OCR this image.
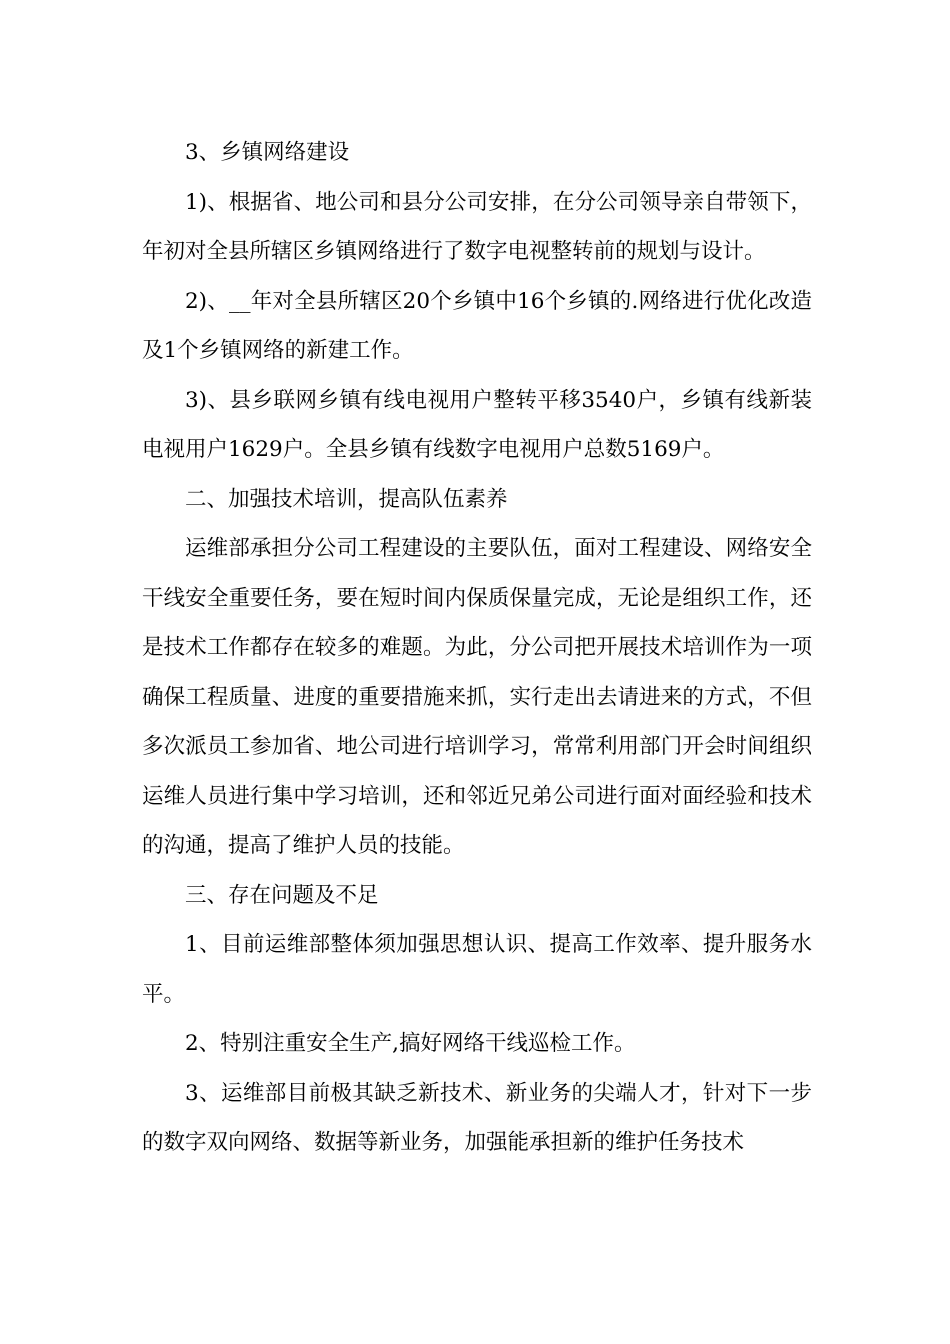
3、乡镇网络建设

1)、根据省、地公司和县分公司安排，在分公司领导亲自带领下，年初对全县所辖区乡镇网络进行了数字电视整转前的规划与设计。

2)、__年对全县所辖区20个乡镇中16个乡镇的.网络进行优化改造及1个乡镇网络的新建工作。

3)、县乡联网乡镇有线电视用户整转平移3540户，乡镇有线新装电视用户1629户。全县乡镇有线数字电视用户总数5169户。

二、加强技术培训，提高队伍素养

运维部承担分公司工程建设的主要队伍，面对工程建设、网络安全干线安全重要任务，要在短时间内保质保量完成，无论是组织工作，还是技术工作都存在较多的难题。为此，分公司把开展技术培训作为一项确保工程质量、进度的重要措施来抓，实行走出去请进来的方式，不但多次派员工参加省、地公司进行培训学习，常常利用部门开会时间组织运维人员进行集中学习培训，还和邻近兄弟公司进行面对面经验和技术的沟通，提高了维护人员的技能。

三、存在问题及不足

1、目前运维部整体须加强思想认识、提高工作效率、提升服务水平。

2、特别注重安全生产,搞好网络干线巡检工作。

3、运维部目前极其缺乏新技术、新业务的尖端人才，针对下一步的数字双向网络、数据等新业务，加强能承担新的维护任务技术
